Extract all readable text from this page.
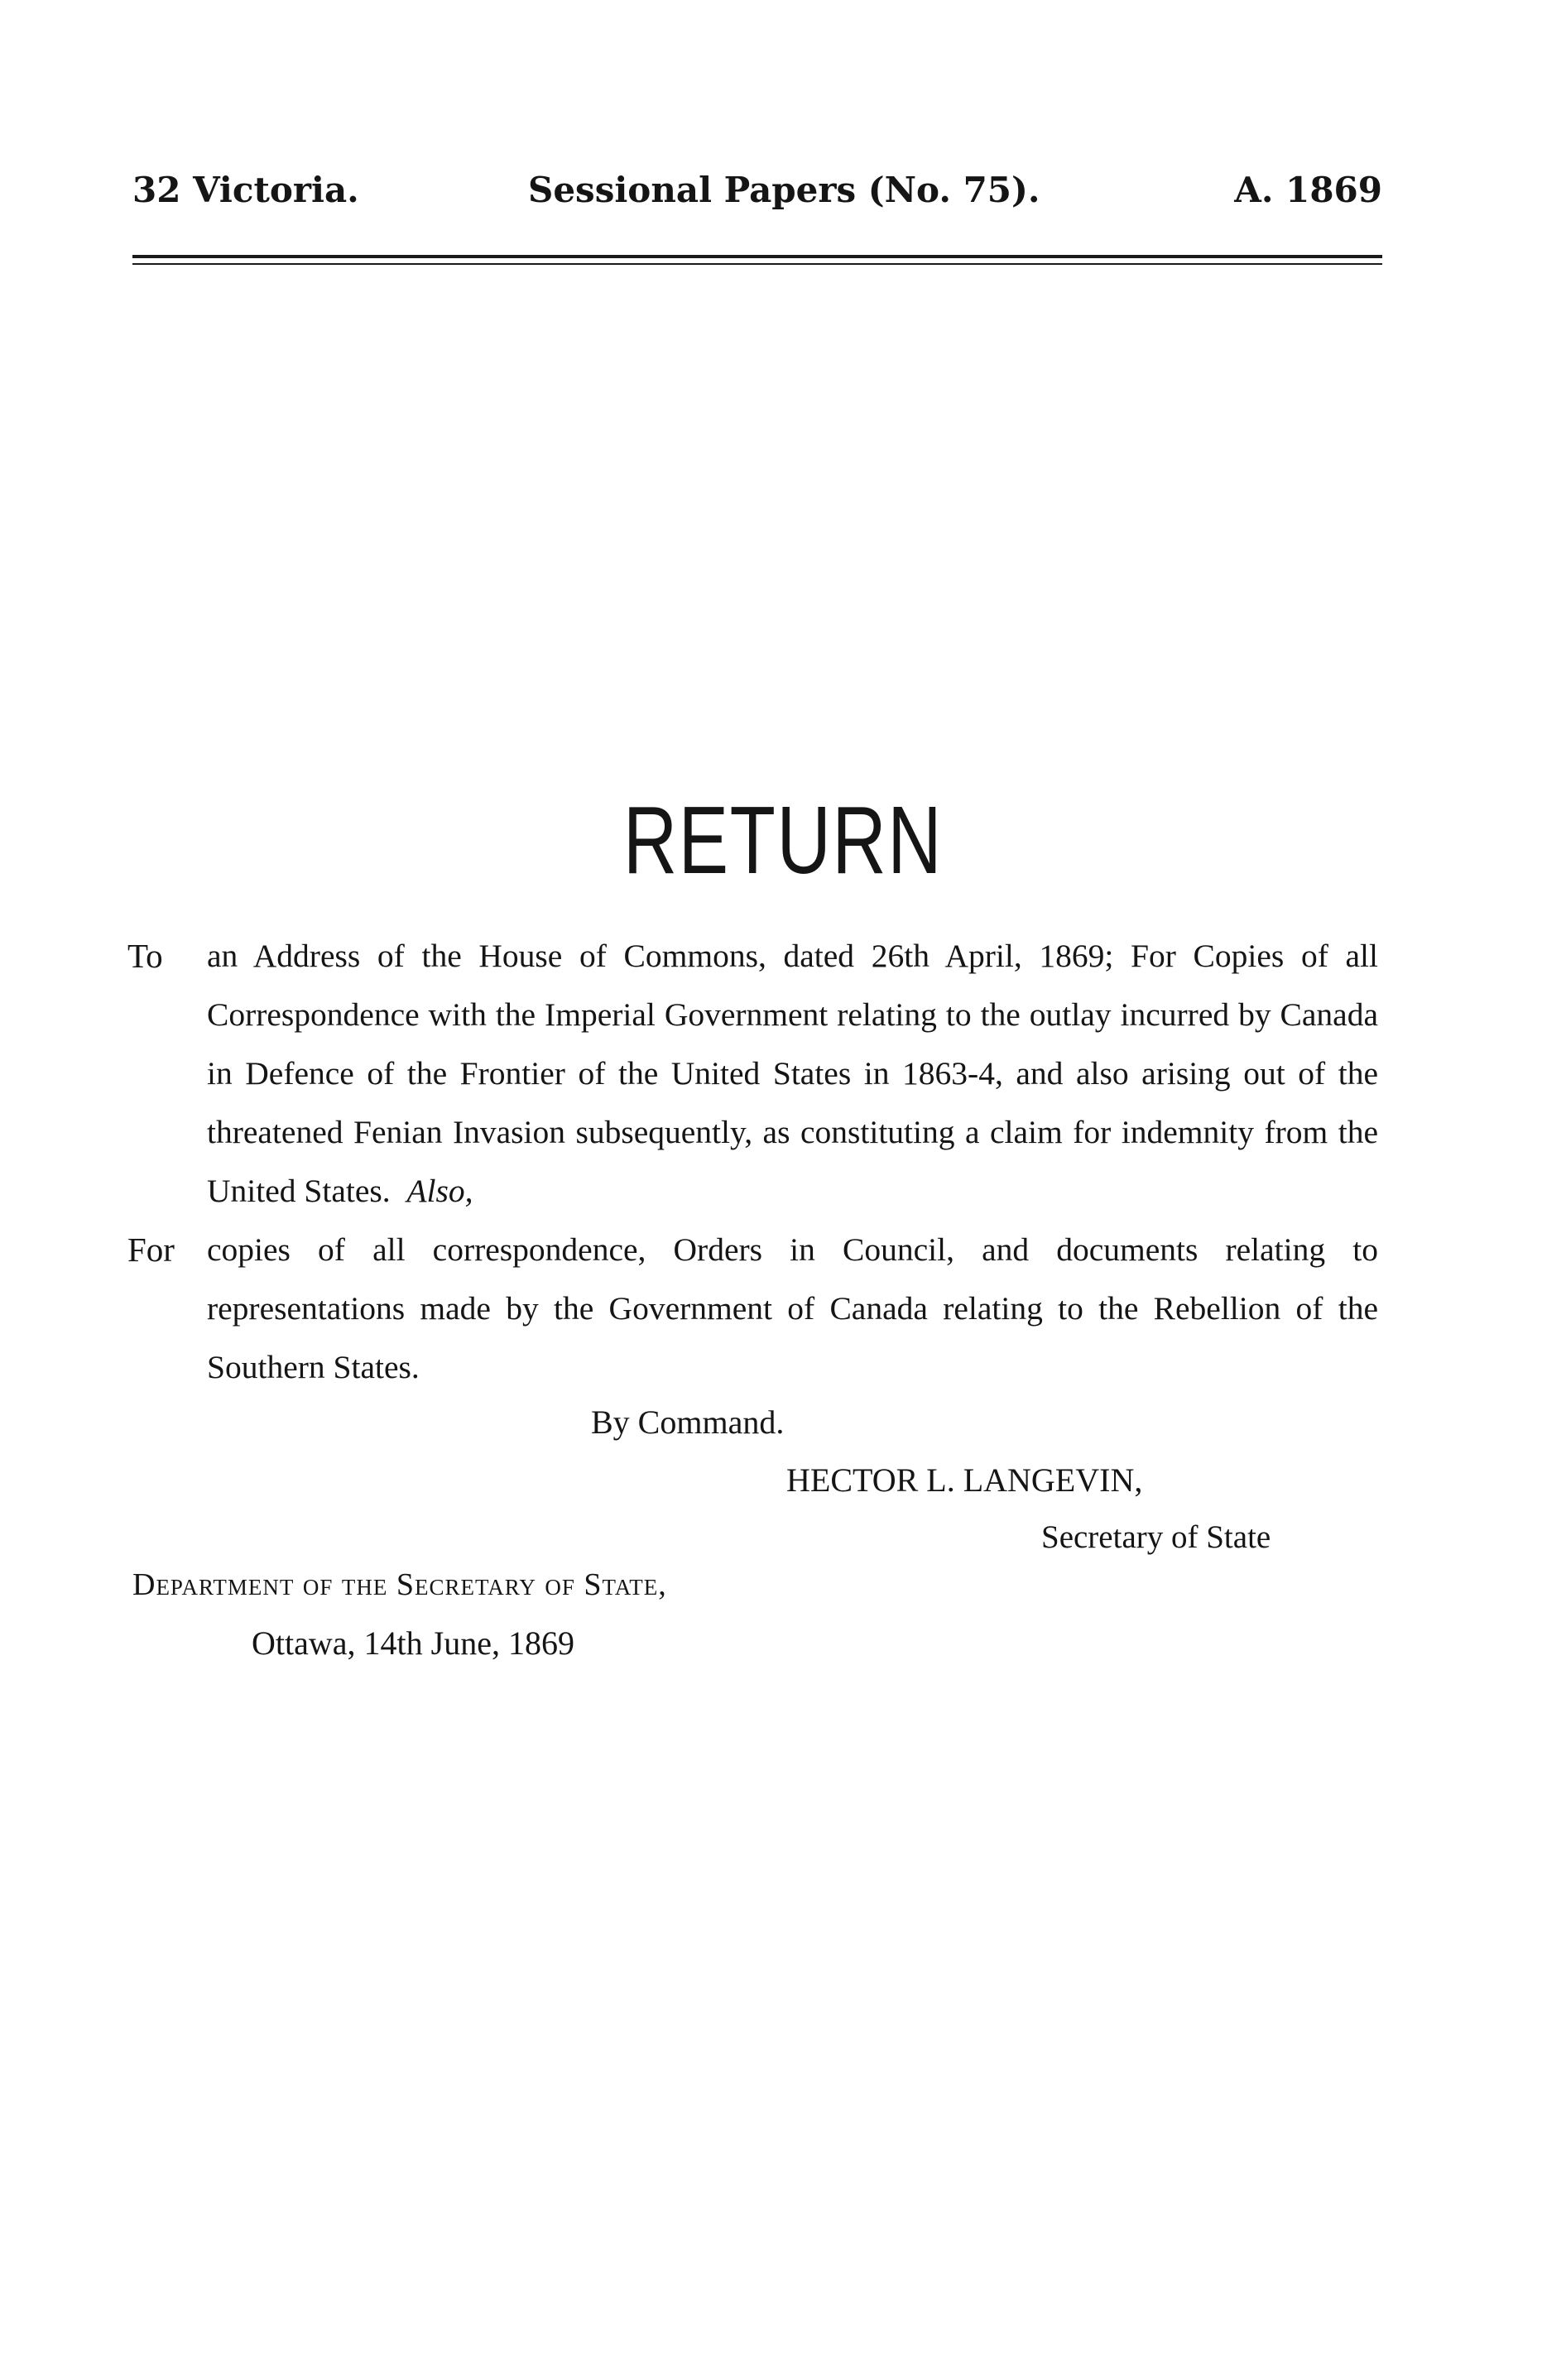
32 Victoria.	Sessional Papers (No. 75).	A. 1869
RETURN

To an Address of the House of Commons, dated 26th April, 1869; For Copies of all Correspondence with the Imperial Government relating to the outlay incurred by Canada in Defence of the Frontier of the United States in 1863-4, and also arising out of the threatened Fenian Invasion subsequently, as constituting a claim for indemnity from the United States. Also,

For copies of all correspondence, Orders in Council, and documents relating to representations made by the Government of Canada relating to the Rebellion of the Southern States.

By Command.
HECTOR L. LANGEVIN,
Secretary of State
Department of the Secretary of State,
Ottawa, 14th June, 1869
